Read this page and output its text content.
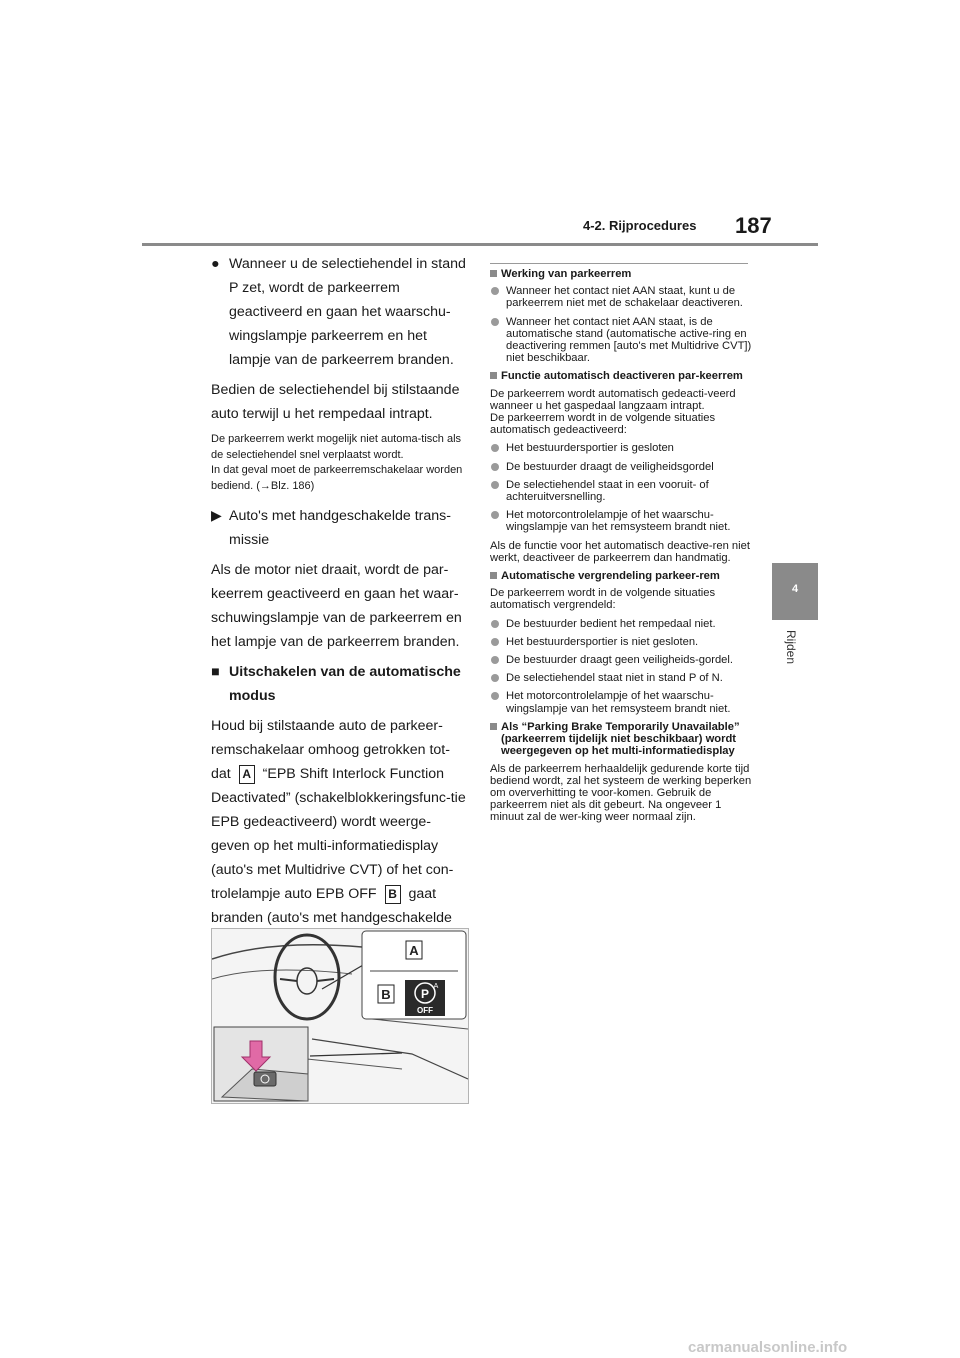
4-2. Rijprocedures 187
4
Rijden
● Wanneer u de selectiehendel in stand P zet, wordt de parkeerrem geactiveerd en gaan het waarschu-wingslampje parkeerrem en het lampje van de parkeerrem branden.

Bedien de selectiehendel bij stilstaande auto terwijl u het rempedaal intrapt.

De parkeerrem werkt mogelijk niet automa-tisch als de selectiehendel snel verplaatst wordt.
In dat geval moet de parkeerremschakelaar worden bediend. (→Blz. 186)
▶ Auto's met handgeschakelde trans-missie

Als de motor niet draait, wordt de par-keerrem geactiveerd en gaan het waar-schuwingslampje van de parkeerrem en het lampje van de parkeerrem branden.

■ Uitschakelen van de automatische modus

Houd bij stilstaande auto de parkeer-remschakelaar omhoog getrokken tot-dat A “EPB Shift Interlock Function Deactivated” (schakelblokkeringsfunc-tie EPB gedeactiveerd) wordt weerge-geven op het multi-informatiedisplay (auto's met Multidrive CVT) of het con-trolelampje auto EPB OFF B gaat branden (auto's met handgeschakelde

A
B	P
A
OFF
Werking van parkeerrem
Wanneer het contact niet AAN staat, kunt u de parkeerrem niet met de schakelaar deactiveren.
Wanneer het contact niet AAN staat, is de automatische stand (automatische active-ring en deactivering remmen [auto's met Multidrive CVT]) niet beschikbaar.
Functie automatisch deactiveren par-keerrem
De parkeerrem wordt automatisch gedeacti-veerd wanneer u het gaspedaal langzaam intrapt.
De parkeerrem wordt in de volgende situaties automatisch gedeactiveerd:
Het bestuurdersportier is gesloten
De bestuurder draagt de veiligheidsgordel
De selectiehendel staat in een vooruit- of achteruitversnelling.
Het motorcontrolelampje of het waarschu-wingslampje van het remsysteem brandt niet.
Als de functie voor het automatisch deactive-ren niet werkt, deactiveer de parkeerrem dan handmatig.
Automatische vergrendeling parkeer-rem
De parkeerrem wordt in de volgende situaties automatisch vergrendeld:
De bestuurder bedient het rempedaal niet.
Het bestuurdersportier is niet gesloten.
De bestuurder draagt geen veiligheids-gordel.
De selectiehendel staat niet in stand P of N.
Het motorcontrolelampje of het waarschu-wingslampje van het remsysteem brandt niet.
Als “Parking Brake Temporarily Unavailable” (parkeerrem tijdelijk niet beschikbaar) wordt weergegeven op het multi-informatiedisplay
Als de parkeerrem herhaaldelijk gedurende korte tijd bediend wordt, zal het systeem de werking beperken om oververhitting te voor-komen. Gebruik de parkeerrem niet als dit gebeurt. Na ongeveer 1 minuut zal de wer-king weer normaal zijn.
carmanualsonline.info
